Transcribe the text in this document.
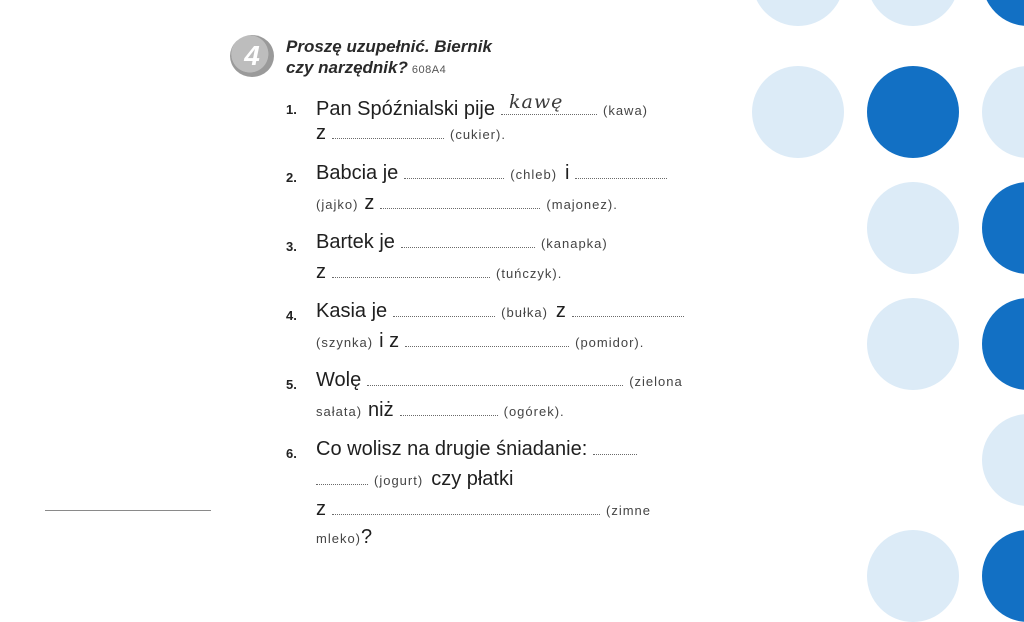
4	Proszę uzupełnić. Biernik
czy narzędnik? 608A4
1. Pan Spóźnialski pije kawę	(kawa)
z	(cukier).
2. Babcia je	(chleb) i
(jajko) z	(majonez).
3. Bartek je	(kanapka)
z	(tuńczyk).
4. Kasia je	(bułka) z
(szynka) i z	(pomidor).
5. Wolę	(zielona
sałata) niż	(ogórek).
6. Co wolisz na drugie śniadanie:
(jogurt) czy płatki
z	(zimne
mleko)?
